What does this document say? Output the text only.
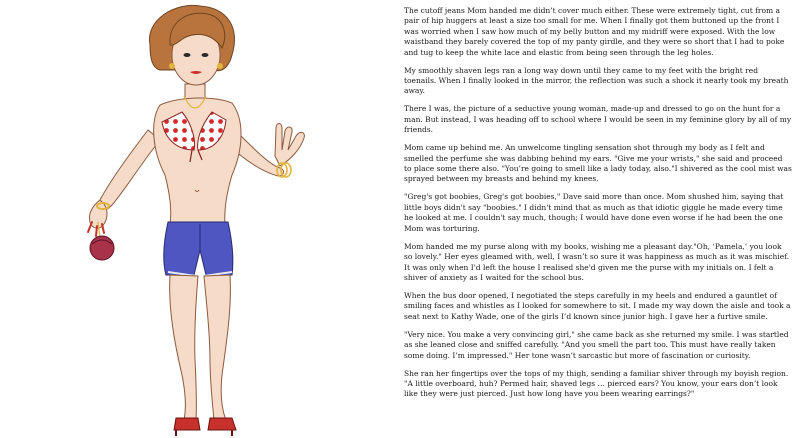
The cutoff jeans Mom handed me didn’t cover much either. These were extremely tight, cut from a pair of hip huggers at least a size too small for me. When I finally got them buttoned up the front I was worried when I saw how much of my belly button and my midriff were exposed. With the low waistband they barely covered the top of my panty girdle, and they were so short that I had to poke and tug to keep the white lace and elastic from being seen through the leg holes.

My smoothly shaven legs ran a long way down until they came to my feet with the bright red toenails. When I finally looked in the mirror, the reflection was such a shock it nearly took my breath away.

There I was, the picture of a seductive young woman, made-up and dressed to go on the hunt for a man. But instead, I was heading off to school where I would be seen in my feminine glory by all of my friends.

Mom came up behind me. An unwelcome tingling sensation shot through my body as I felt and smelled the perfume she was dabbing behind my ears. "Give me your wrists," she said and proceed to place some there also. "You’re going to smell like a lady today, also."I shivered as the cool mist was sprayed between my breasts and behind my knees.

"Greg's got boobies, Greg's got boobies," Dave said more than once. Mom shushed him, saying that little boys didn't say "boobies." I didn't mind that as much as that idiotic giggle he made every time he looked at me. I couldn't say much, though; I would have done even worse if he had been the one Mom was torturing.

Mom handed me my purse along with my books, wishing me a pleasant day."Oh, ‘Pamela,’ you look so lovely." Her eyes gleamed with, well, I wasn’t so sure it was happiness as much as it was mischief. It was only when I'd left the house I realised she'd given me the purse with my initials on. I felt a shiver of anxiety as I waited for the school bus.

When the bus door opened, I negotiated the steps carefully in my heels and endured a gauntlet of smiling faces and whistles as I looked for somewhere to sit. I made my way down the aisle and took a seat next to Kathy Wade, one of the girls I’d known since junior high. I gave her a furtive smile.

"Very nice. You make a very convincing girl," she came back as she returned my smile. I was startled as she leaned close and sniffed carefully. "And you smell the part too. This must have really taken some doing. I’m impressed." Her tone wasn’t sarcastic but more of fascination or curiosity.

She ran her fingertips over the tops of my thigh, sending a familiar shiver through my boyish region. "A little overboard, huh? Permed hair, shaved legs … pierced ears? You know, your ears don’t look like they were just pierced. Just how long have you been wearing earrings?"
